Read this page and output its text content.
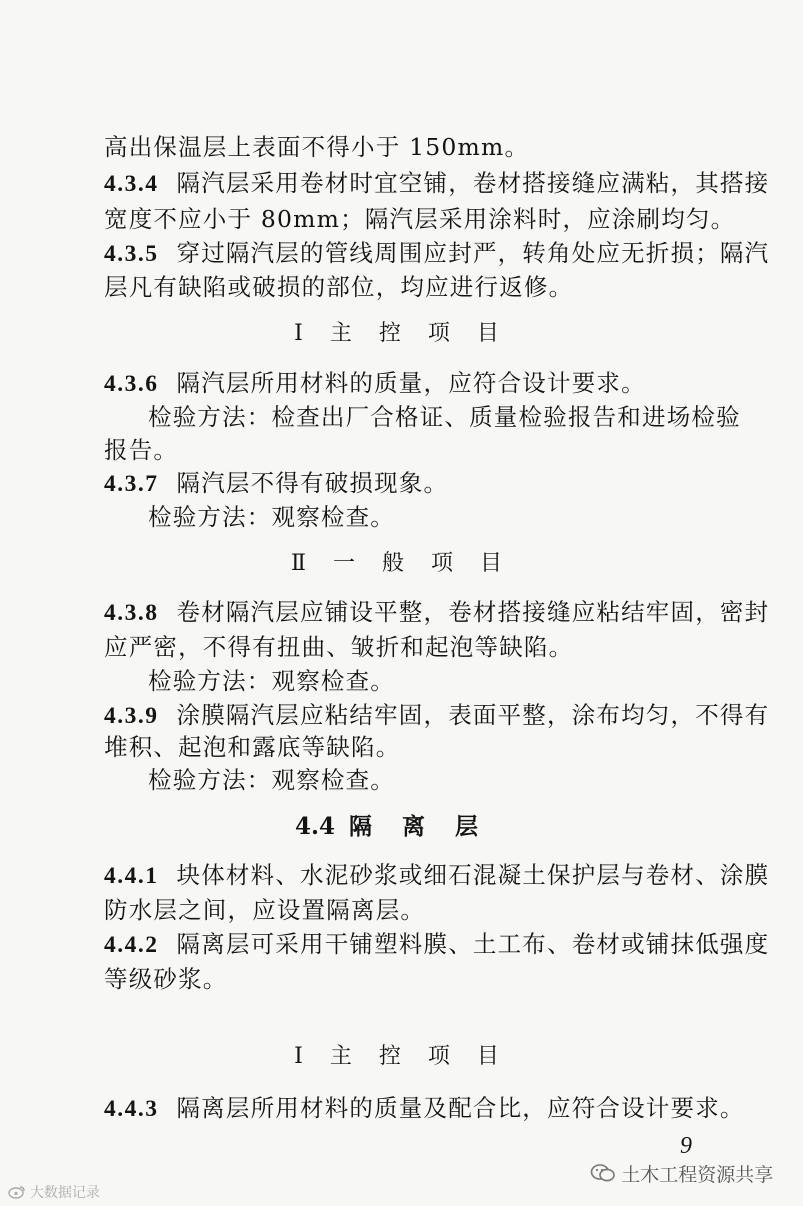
高出保温层上表面不得小于 150mm。
4.3.4 隔汽层采用卷材时宜空铺，卷材搭接缝应满粘，其搭接
宽度不应小于 80mm；隔汽层采用涂料时，应涂刷均匀。
4.3.5 穿过隔汽层的管线周围应封严，转角处应无折损；隔汽
层凡有缺陷或破损的部位，均应进行返修。
Ⅰ 主 控 项 目
4.3.6 隔汽层所用材料的质量，应符合设计要求。
检验方法：检查出厂合格证、质量检验报告和进场检验
报告。
4.3.7 隔汽层不得有破损现象。
检验方法：观察检查。
Ⅱ 一 般 项 目
4.3.8 卷材隔汽层应铺设平整，卷材搭接缝应粘结牢固，密封
应严密，不得有扭曲、皱折和起泡等缺陷。
检验方法：观察检查。
4.3.9 涂膜隔汽层应粘结牢固，表面平整，涂布均匀，不得有
堆积、起泡和露底等缺陷。
检验方法：观察检查。
4.4 隔离层
4.4.1 块体材料、水泥砂浆或细石混凝土保护层与卷材、涂膜
防水层之间，应设置隔离层。
4.4.2 隔离层可采用干铺塑料膜、土工布、卷材或铺抹低强度
等级砂浆。
Ⅰ 主 控 项 目
4.4.3 隔离层所用材料的质量及配合比，应符合设计要求。
9
土木工程资源共享
大数据记录
